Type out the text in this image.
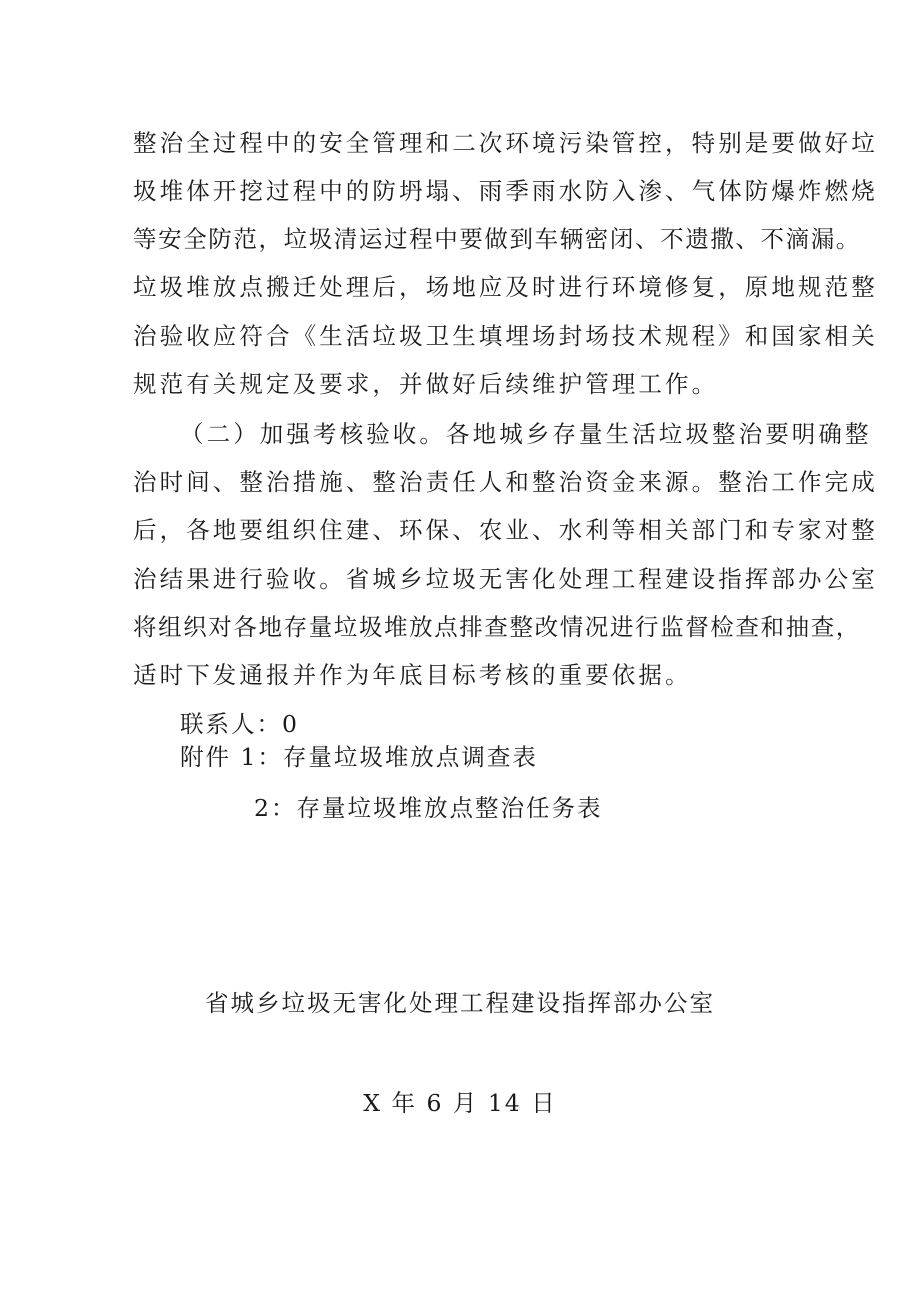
整治全过程中的安全管理和二次环境污染管控，特别是要做好垃
圾堆体开挖过程中的防坍塌、雨季雨水防入渗、气体防爆炸燃烧
等安全防范，垃圾清运过程中要做到车辆密闭、不遗撒、不滴漏。
垃圾堆放点搬迁处理后，场地应及时进行环境修复，原地规范整
治验收应符合《生活垃圾卫生填埋场封场技术规程》和国家相关
规范有关规定及要求，并做好后续维护管理工作。
（二）加强考核验收。各地城乡存量生活垃圾整治要明确整
治时间、整治措施、整治责任人和整治资金来源。整治工作完成
后，各地要组织住建、环保、农业、水利等相关部门和专家对整
治结果进行验收。省城乡垃圾无害化处理工程建设指挥部办公室
将组织对各地存量垃圾堆放点排查整改情况进行监督检查和抽查，
适时下发通报并作为年底目标考核的重要依据。
联系人：0
附件 1：存量垃圾堆放点调查表
2：存量垃圾堆放点整治任务表
省城乡垃圾无害化处理工程建设指挥部办公室
X 年 6 月 14 日
